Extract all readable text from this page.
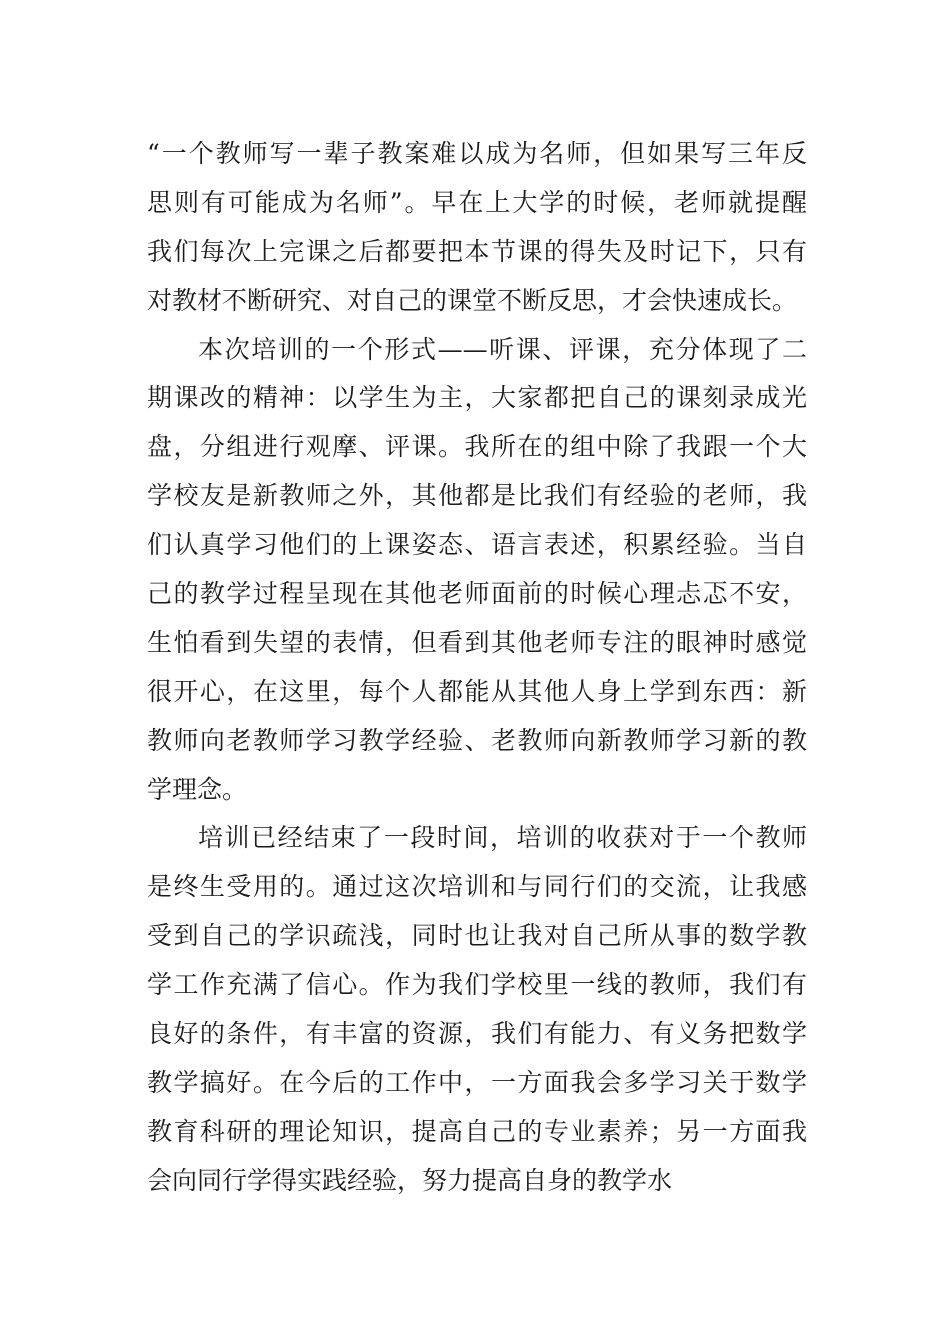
“一个教师写一辈子教案难以成为名师，但如果写三年反
思则有可能成为名师”。早在上大学的时候，老师就提醒
我们每次上完课之后都要把本节课的得失及时记下，只有
对教材不断研究、对自己的课堂不断反思，才会快速成长。
本次培训的一个形式——听课、评课，充分体现了二
期课改的精神：以学生为主，大家都把自己的课刻录成光
盘，分组进行观摩、评课。我所在的组中除了我跟一个大
学校友是新教师之外，其他都是比我们有经验的老师，我
们认真学习他们的上课姿态、语言表述，积累经验。当自
己的教学过程呈现在其他老师面前的时候心理忐忑不安，
生怕看到失望的表情，但看到其他老师专注的眼神时感觉
很开心，在这里，每个人都能从其他人身上学到东西：新
教师向老教师学习教学经验、老教师向新教师学习新的教
学理念。
培训已经结束了一段时间，培训的收获对于一个教师
是终生受用的。通过这次培训和与同行们的交流，让我感
受到自己的学识疏浅，同时也让我对自己所从事的数学教
学工作充满了信心。作为我们学校里一线的教师，我们有
良好的条件，有丰富的资源，我们有能力、有义务把数学
教学搞好。在今后的工作中，一方面我会多学习关于数学
教育科研的理论知识，提高自己的专业素养；另一方面我
会向同行学得实践经验，努力提高自身的教学水
